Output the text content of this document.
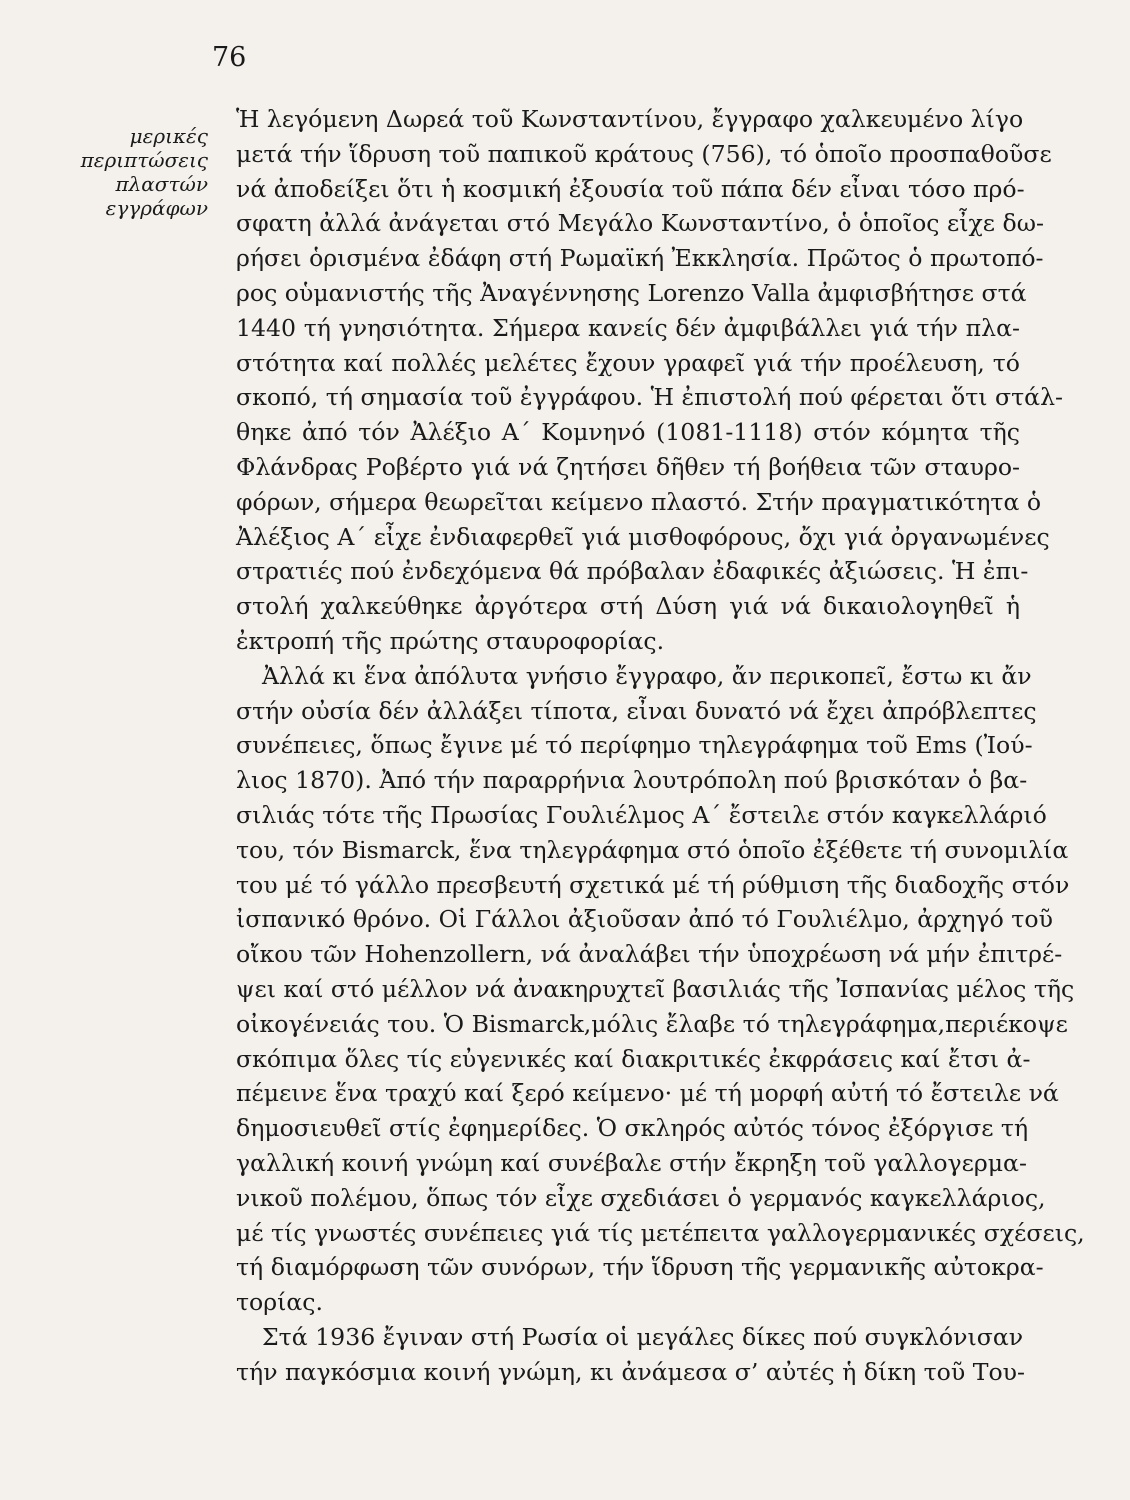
76
μερικές
περιπτώσεις
πλαστών
εγγράφων

Ἡ λεγόμενη Δωρεά τοῦ Κωνσταντίνου, ἔγγραφο χαλκευμένο λίγο
μετά τήν ἵδρυση τοῦ παπικοῦ κράτους (756), τό ὁποῖο προσπαθοῦσε
νά ἀποδείξει ὅτι ἡ κοσμική ἐξουσία τοῦ πάπα δέν εἶναι τόσο πρό-
σφατη ἀλλά ἀνάγεται στό Μεγάλο Κωνσταντίνο, ὁ ὁποῖος εἶχε δω-
ρήσει ὁρισμένα ἐδάφη στή Ρωμαϊκή Ἐκκλησία. Πρῶτος ὁ πρωτοπό-
ρος οὑμανιστής τῆς Ἀναγέννησης Lorenzo Valla ἀμφισβήτησε στά
1440 τή γνησιότητα. Σήμερα κανείς δέν ἀμφιβάλλει γιά τήν πλα-
στότητα καί πολλές μελέτες ἔχουν γραφεῖ γιά τήν προέλευση, τό
σκοπό, τή σημασία τοῦ ἐγγράφου. Ἡ ἐπιστολή πού φέρεται ὅτι στάλ-
θηκε ἀπό τόν Ἀλέξιο Α΄ Κομνηνό (1081-1118) στόν κόμητα τῆς
Φλάνδρας Ροβέρτο γιά νά ζητήσει δῆθεν τή βοήθεια τῶν σταυρο-
φόρων, σήμερα θεωρεῖται κείμενο πλαστό. Στήν πραγματικότητα ὁ
Ἀλέξιος Α΄ εἶχε ἐνδιαφερθεῖ γιά μισθοφόρους, ὄχι γιά ὀργανωμένες
στρατιές πού ἐνδεχόμενα θά πρόβαλαν ἐδαφικές ἀξιώσεις. Ἡ ἐπι-
στολή χαλκεύθηκε ἀργότερα στή Δύση γιά νά δικαιολογηθεῖ ἡ
ἐκτροπή τῆς πρώτης σταυροφορίας.

Ἀλλά κι ἕνα ἀπόλυτα γνήσιο ἔγγραφο, ἄν περικοπεῖ, ἔστω κι ἄν
στήν οὐσία δέν ἀλλάξει τίποτα, εἶναι δυνατό νά ἔχει ἀπρόβλεπτες
συνέπειες, ὅπως ἔγινε μέ τό περίφημο τηλεγράφημα τοῦ Ems (Ἰού-
λιος 1870). Ἀπό τήν παραρρήνια λουτρόπολη πού βρισκόταν ὁ βα-
σιλιάς τότε τῆς Πρωσίας Γουλιέλμος Α΄ ἔστειλε στόν καγκελλάριό
του, τόν Bismarck, ἕνα τηλεγράφημα στό ὁποῖο ἐξέθετε τή συνομιλία
του μέ τό γάλλο πρεσβευτή σχετικά μέ τή ρύθμιση τῆς διαδοχῆς στόν
ἰσπανικό θρόνο. Οἱ Γάλλοι ἀξιοῦσαν ἀπό τό Γουλιέλμο, ἀρχηγό τοῦ
οἴκου τῶν Hohenzollern, νά ἀναλάβει τήν ὑποχρέωση νά μήν ἐπιτρέ-
ψει καί στό μέλλον νά ἀνακηρυχτεῖ βασιλιάς τῆς Ἰσπανίας μέλος τῆς
οἰκογένειάς του. Ὁ Bismarck,μόλις ἔλαβε τό τηλεγράφημα,περιέκοψε
σκόπιμα ὅλες τίς εὐγενικές καί διακριτικές ἐκφράσεις καί ἔτσι ἀ-
πέμεινε ἕνα τραχύ καί ξερό κείμενο· μέ τή μορφή αὐτή τό ἔστειλε νά
δημοσιευθεῖ στίς ἐφημερίδες. Ὁ σκληρός αὐτός τόνος ἐξόργισε τή
γαλλική κοινή γνώμη καί συνέβαλε στήν ἔκρηξη τοῦ γαλλογερμα-
νικοῦ πολέμου, ὅπως τόν εἶχε σχεδιάσει ὁ γερμανός καγκελλάριος,
μέ τίς γνωστές συνέπειες γιά τίς μετέπειτα γαλλογερμανικές σχέσεις,
τή διαμόρφωση τῶν συνόρων, τήν ἵδρυση τῆς γερμανικῆς αὐτοκρα-
τορίας.

Στά 1936 ἔγιναν στή Ρωσία οἱ μεγάλες δίκες πού συγκλόνισαν
τήν παγκόσμια κοινή γνώμη, κι ἀνάμεσα σ’ αὐτές ἡ δίκη τοῦ Του-
